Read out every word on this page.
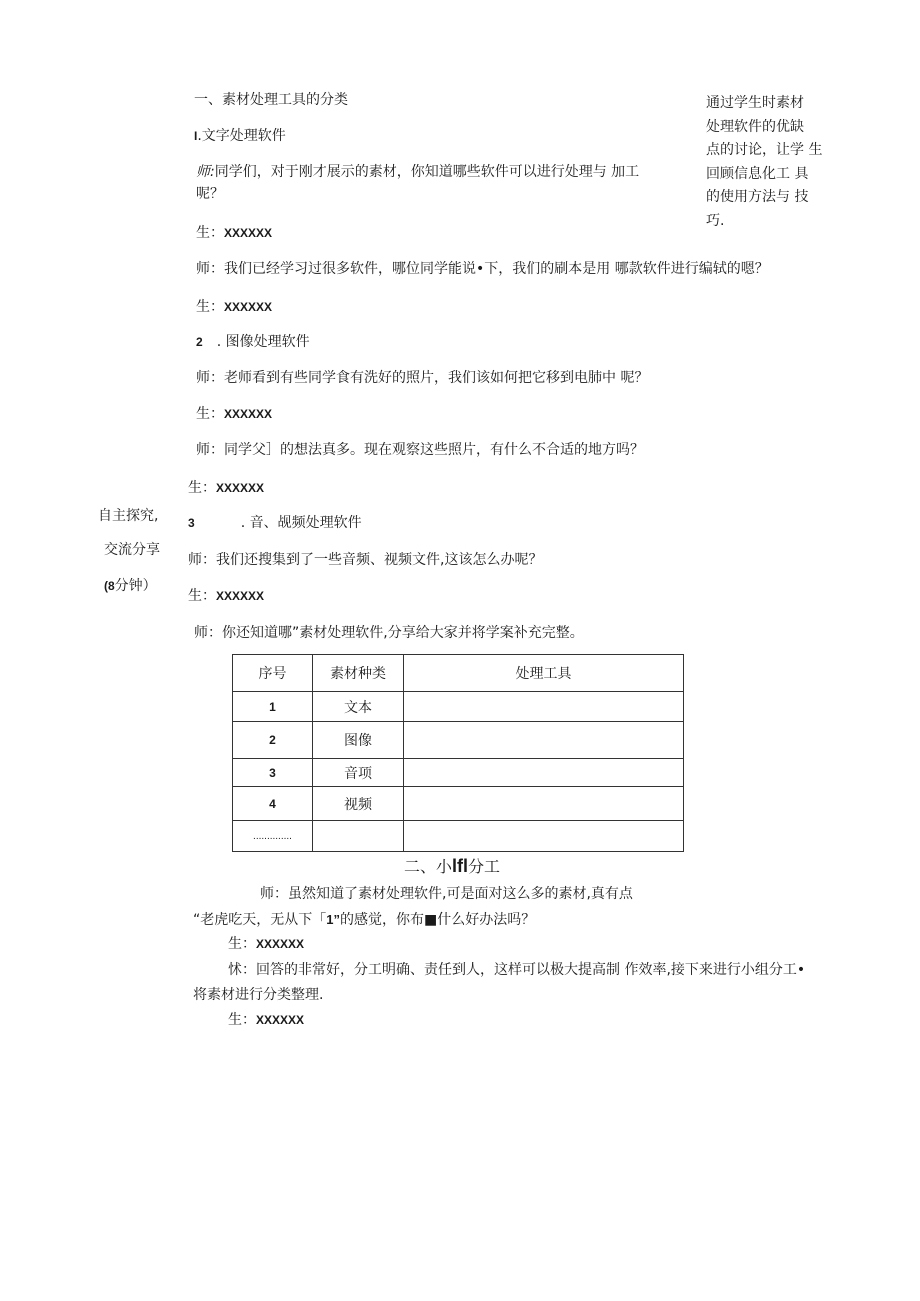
通过学生时素材
处理软件的优缺
点的讨论，让学 生
回顾信息化工 具
的使用方法与 技
巧.
自主探究,
交流分享
(8分钟）
一、素材处理工具的分类
I.文字处理软件
师:同学们，对于刚才展示的素材，你知道哪些软件可以进行处理与 加工
呢？
生：XXXXXX
师：我们已经学习过很多软件，哪位同学能说•下，我们的刷本是用 哪款软件进行编轼的嗯？
生：XXXXXX
2 . 图像处理软件
师：老师看到有些同学食有洗好的照片，我们该如何把它移到电肺中 呢？
生：XXXXXX
师：同学父］的想法真多。现在观察这些照片，有什么不合适的地方吗？
生：XXXXXX
3	. 音、觇频处理软件
师：我们还搜集到了一些音频、视频文件,这该怎么办呢？
生：XXXXXX
师：你还知道哪”素材处理软件,分享给大家并将学案补充完整。
序号	素材种类	处理工具
1	文本	
2	图像	
3	音项	
4	视频	
..............		
二、小lfl分工
师：虽然知道了素材处理软件,可是面对这么多的素材,真有点
“老虎吃天，无从下「1”的感觉，你布■什么好办法吗？
生：XXXXXX
怵：回答的非常好，分工明确、责任到人，这样可以极大提高制 作效率,接下来进行小组分工•
将素材进行分类整理.
生：XXXXXX
